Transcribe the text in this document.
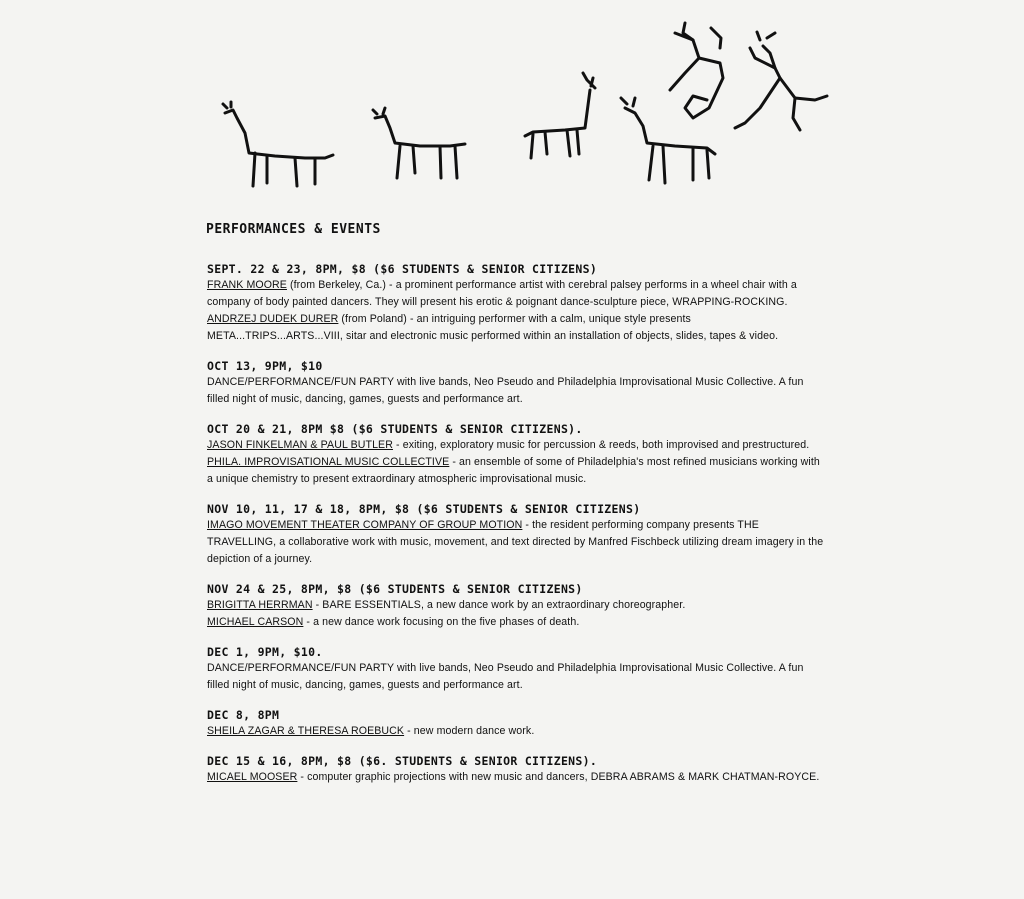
PERFORMANCES & EVENTS
SEPT. 22 & 23, 8PM, $8 ($6 STUDENTS & SENIOR CITIZENS)
FRANK MOORE (from Berkeley, Ca.) - a prominent performance artist with cerebral palsey performs in a wheel chair with a company of body painted dancers. They will present his erotic & poignant dance-sculpture piece, WRAPPING-ROCKING.
ANDRZEJ DUDEK DURER (from Poland) - an intriguing performer with a calm, unique style presents META...TRIPS...ARTS...VIII, sitar and electronic music performed within an installation of objects, slides, tapes & video.
OCT 13, 9PM, $10
DANCE/PERFORMANCE/FUN PARTY with live bands, Neo Pseudo and Philadelphia Improvisational Music Collective. A fun filled night of music, dancing, games, guests and performance art.
OCT 20 & 21, 8PM $8 ($6 STUDENTS & SENIOR CITIZENS).
JASON FINKELMAN & PAUL BUTLER - exiting, exploratory music for percussion & reeds, both improvised and prestructured.
PHILA. IMPROVISATIONAL MUSIC COLLECTIVE - an ensemble of some of Philadelphia's most refined musicians working with a unique chemistry to present extraordinary atmospheric improvisational music.
NOV 10, 11, 17 & 18, 8PM, $8 ($6 STUDENTS & SENIOR CITIZENS)
IMAGO MOVEMENT THEATER COMPANY OF GROUP MOTION - the resident performing company presents THE TRAVELLING, a collaborative work with music, movement, and text directed by Manfred Fischbeck utilizing dream imagery in the depiction of a journey.
NOV 24 & 25, 8PM, $8 ($6 STUDENTS & SENIOR CITIZENS)
BRIGITTA HERRMAN - BARE ESSENTIALS, a new dance work by an extraordinary choreographer.
MICHAEL CARSON - a new dance work focusing on the five phases of death.
DEC 1, 9PM, $10.
DANCE/PERFORMANCE/FUN PARTY with live bands, Neo Pseudo and Philadelphia Improvisational Music Collective. A fun filled night of music, dancing, games, guests and performance art.
DEC 8, 8PM
SHEILA ZAGAR & THERESA ROEBUCK - new modern dance work.
DEC 15 & 16, 8PM, $8 ($6. STUDENTS & SENIOR CITIZENS).
MICAEL MOOSER - computer graphic projections with new music and dancers, DEBRA ABRAMS & MARK CHATMAN-ROYCE.
